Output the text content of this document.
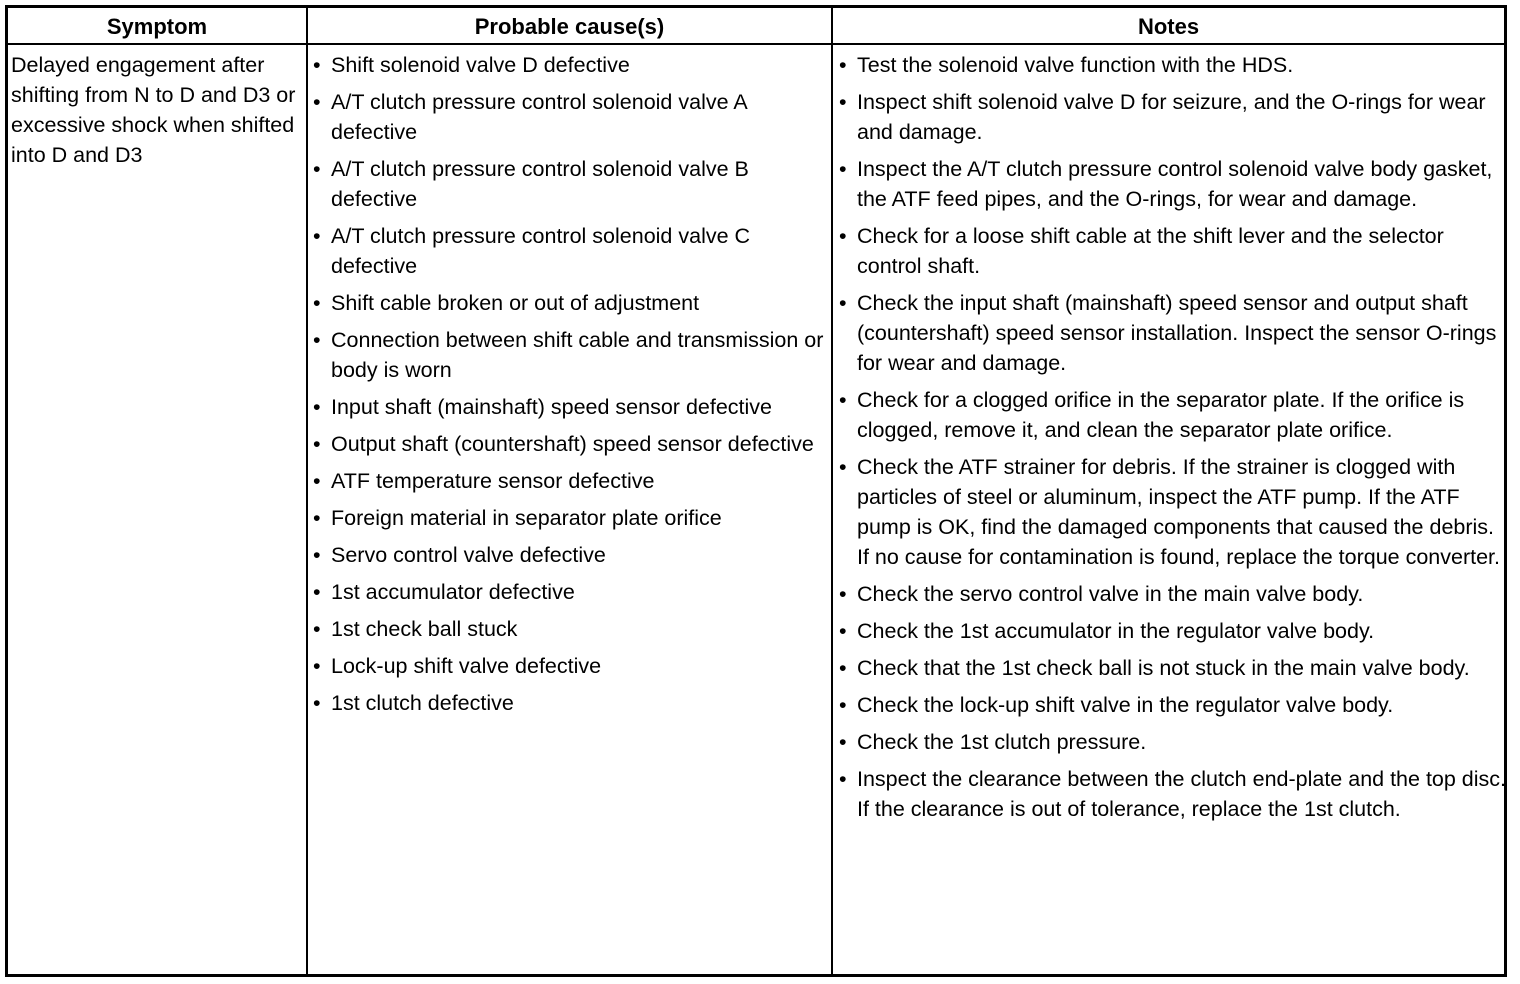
Symptom	Probable cause(s)	Notes
Delayed engagement after shifting from N to D and D3 or excessive shock when shifted into D and D3
• Shift solenoid valve D defective
• A/T clutch pressure control solenoid valve A defective
• A/T clutch pressure control solenoid valve B defective
• A/T clutch pressure control solenoid valve C defective
• Shift cable broken or out of adjustment
• Connection between shift cable and transmission or body is worn
• Input shaft (mainshaft) speed sensor defective
• Output shaft (countershaft) speed sensor defective
• ATF temperature sensor defective
• Foreign material in separator plate orifice
• Servo control valve defective
• 1st accumulator defective
• 1st check ball stuck
• Lock-up shift valve defective
• 1st clutch defective
• Test the solenoid valve function with the HDS.
• Inspect shift solenoid valve D for seizure, and the O-rings for wear and damage.
• Inspect the A/T clutch pressure control solenoid valve body gasket, the ATF feed pipes, and the O-rings, for wear and damage.
• Check for a loose shift cable at the shift lever and the selector control shaft.
• Check the input shaft (mainshaft) speed sensor and output shaft (countershaft) speed sensor installation. Inspect the sensor O-rings for wear and damage.
• Check for a clogged orifice in the separator plate. If the orifice is clogged, remove it, and clean the separator plate orifice.
• Check the ATF strainer for debris. If the strainer is clogged with particles of steel or aluminum, inspect the ATF pump. If the ATF pump is OK, find the damaged components that caused the debris. If no cause for contamination is found, replace the torque converter.
• Check the servo control valve in the main valve body.
• Check the 1st accumulator in the regulator valve body.
• Check that the 1st check ball is not stuck in the main valve body.
• Check the lock-up shift valve in the regulator valve body.
• Check the 1st clutch pressure.
• Inspect the clearance between the clutch end-plate and the top disc. If the clearance is out of tolerance, replace the 1st clutch.
